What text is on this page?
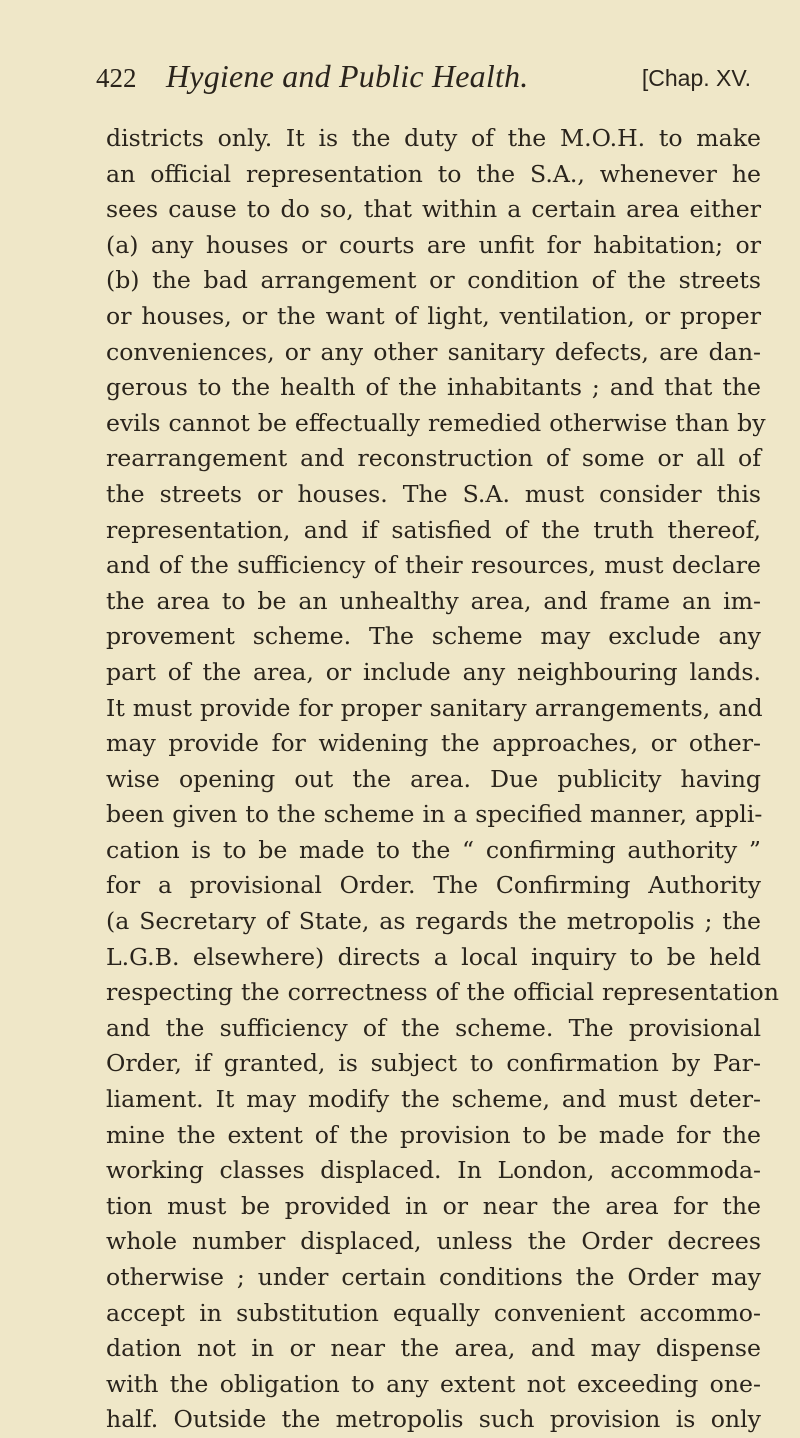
422 Hygiene and Public Health.	[Chap. XV.
districts only. It is the duty of the M.O.H. to make
an official representation to the S.A., whenever he
sees cause to do so, that within a certain area either
(a) any houses or courts are unfit for habitation; or
(b) the bad arrangement or condition of the streets
or houses, or the want of light, ventilation, or proper
conveniences, or any other sanitary defects, are dan-
gerous to the health of the inhabitants ; and that the
evils cannot be effectually remedied otherwise than by
rearrangement and reconstruction of some or all of
the streets or houses. The S.A. must consider this
representation, and if satisfied of the truth thereof,
and of the sufficiency of their resources, must declare
the area to be an unhealthy area, and frame an im-
provement scheme. The scheme may exclude any
part of the area, or include any neighbouring lands.
It must provide for proper sanitary arrangements, and
may provide for widening the approaches, or other-
wise opening out the area. Due publicity having
been given to the scheme in a specified manner, appli-
cation is to be made to the “ confirming authority ”
for a provisional Order. The Confirming Authority
(a Secretary of State, as regards the metropolis ; the
L.G.B. elsewhere) directs a local inquiry to be held
respecting the correctness of the official representation
and the sufficiency of the scheme. The provisional
Order, if granted, is subject to confirmation by Par-
liament. It may modify the scheme, and must deter-
mine the extent of the provision to be made for the
working classes displaced. In London, accommoda-
tion must be provided in or near the area for the
whole number displaced, unless the Order decrees
otherwise ; under certain conditions the Order may
accept in substitution equally convenient accommo-
dation not in or near the area, and may dispense
with the obligation to any extent not exceeding one-
half. Outside the metropolis such provision is only
